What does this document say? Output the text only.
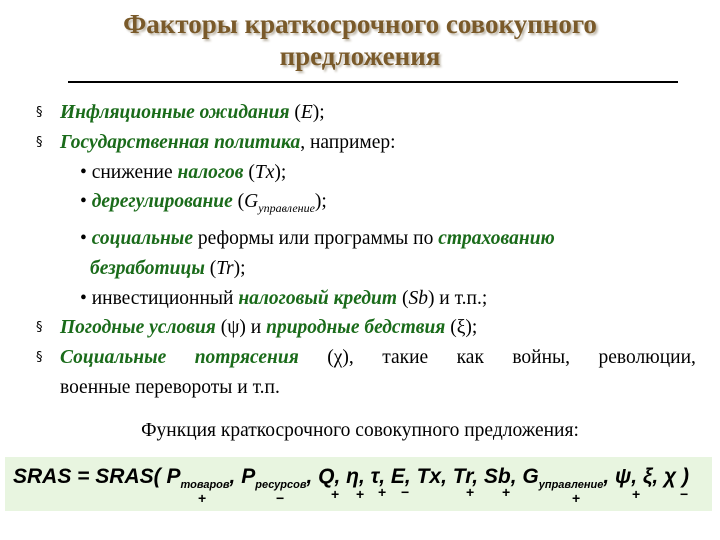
Факторы краткосрочного совокупного предложения
§ Инфляционные ожидания (E);
§ Государственная политика, например:
• снижение налогов (Tx);
• дерегулирование $(G_{управление})$;
• социальные реформы или программы по страхованию
безработицы (Tr);
• инвестиционный налоговый кредит (Sb) и т.п.;
§ Погодные условия (ψ) и природные бедствия (ξ);
§ Социальные потрясения (χ), такие как войны, революции,
военные перевороты и т.п.
Функция краткосрочного совокупного предложения:
SRAS = SRAS( $P_{товаров}$, $P_{ресурсов}$, Q, η, τ, E, Tx, Tr, Sb, $G_{управление}$, ψ, ξ, χ )
+	−	+ + + −	+ +	+	+	−
